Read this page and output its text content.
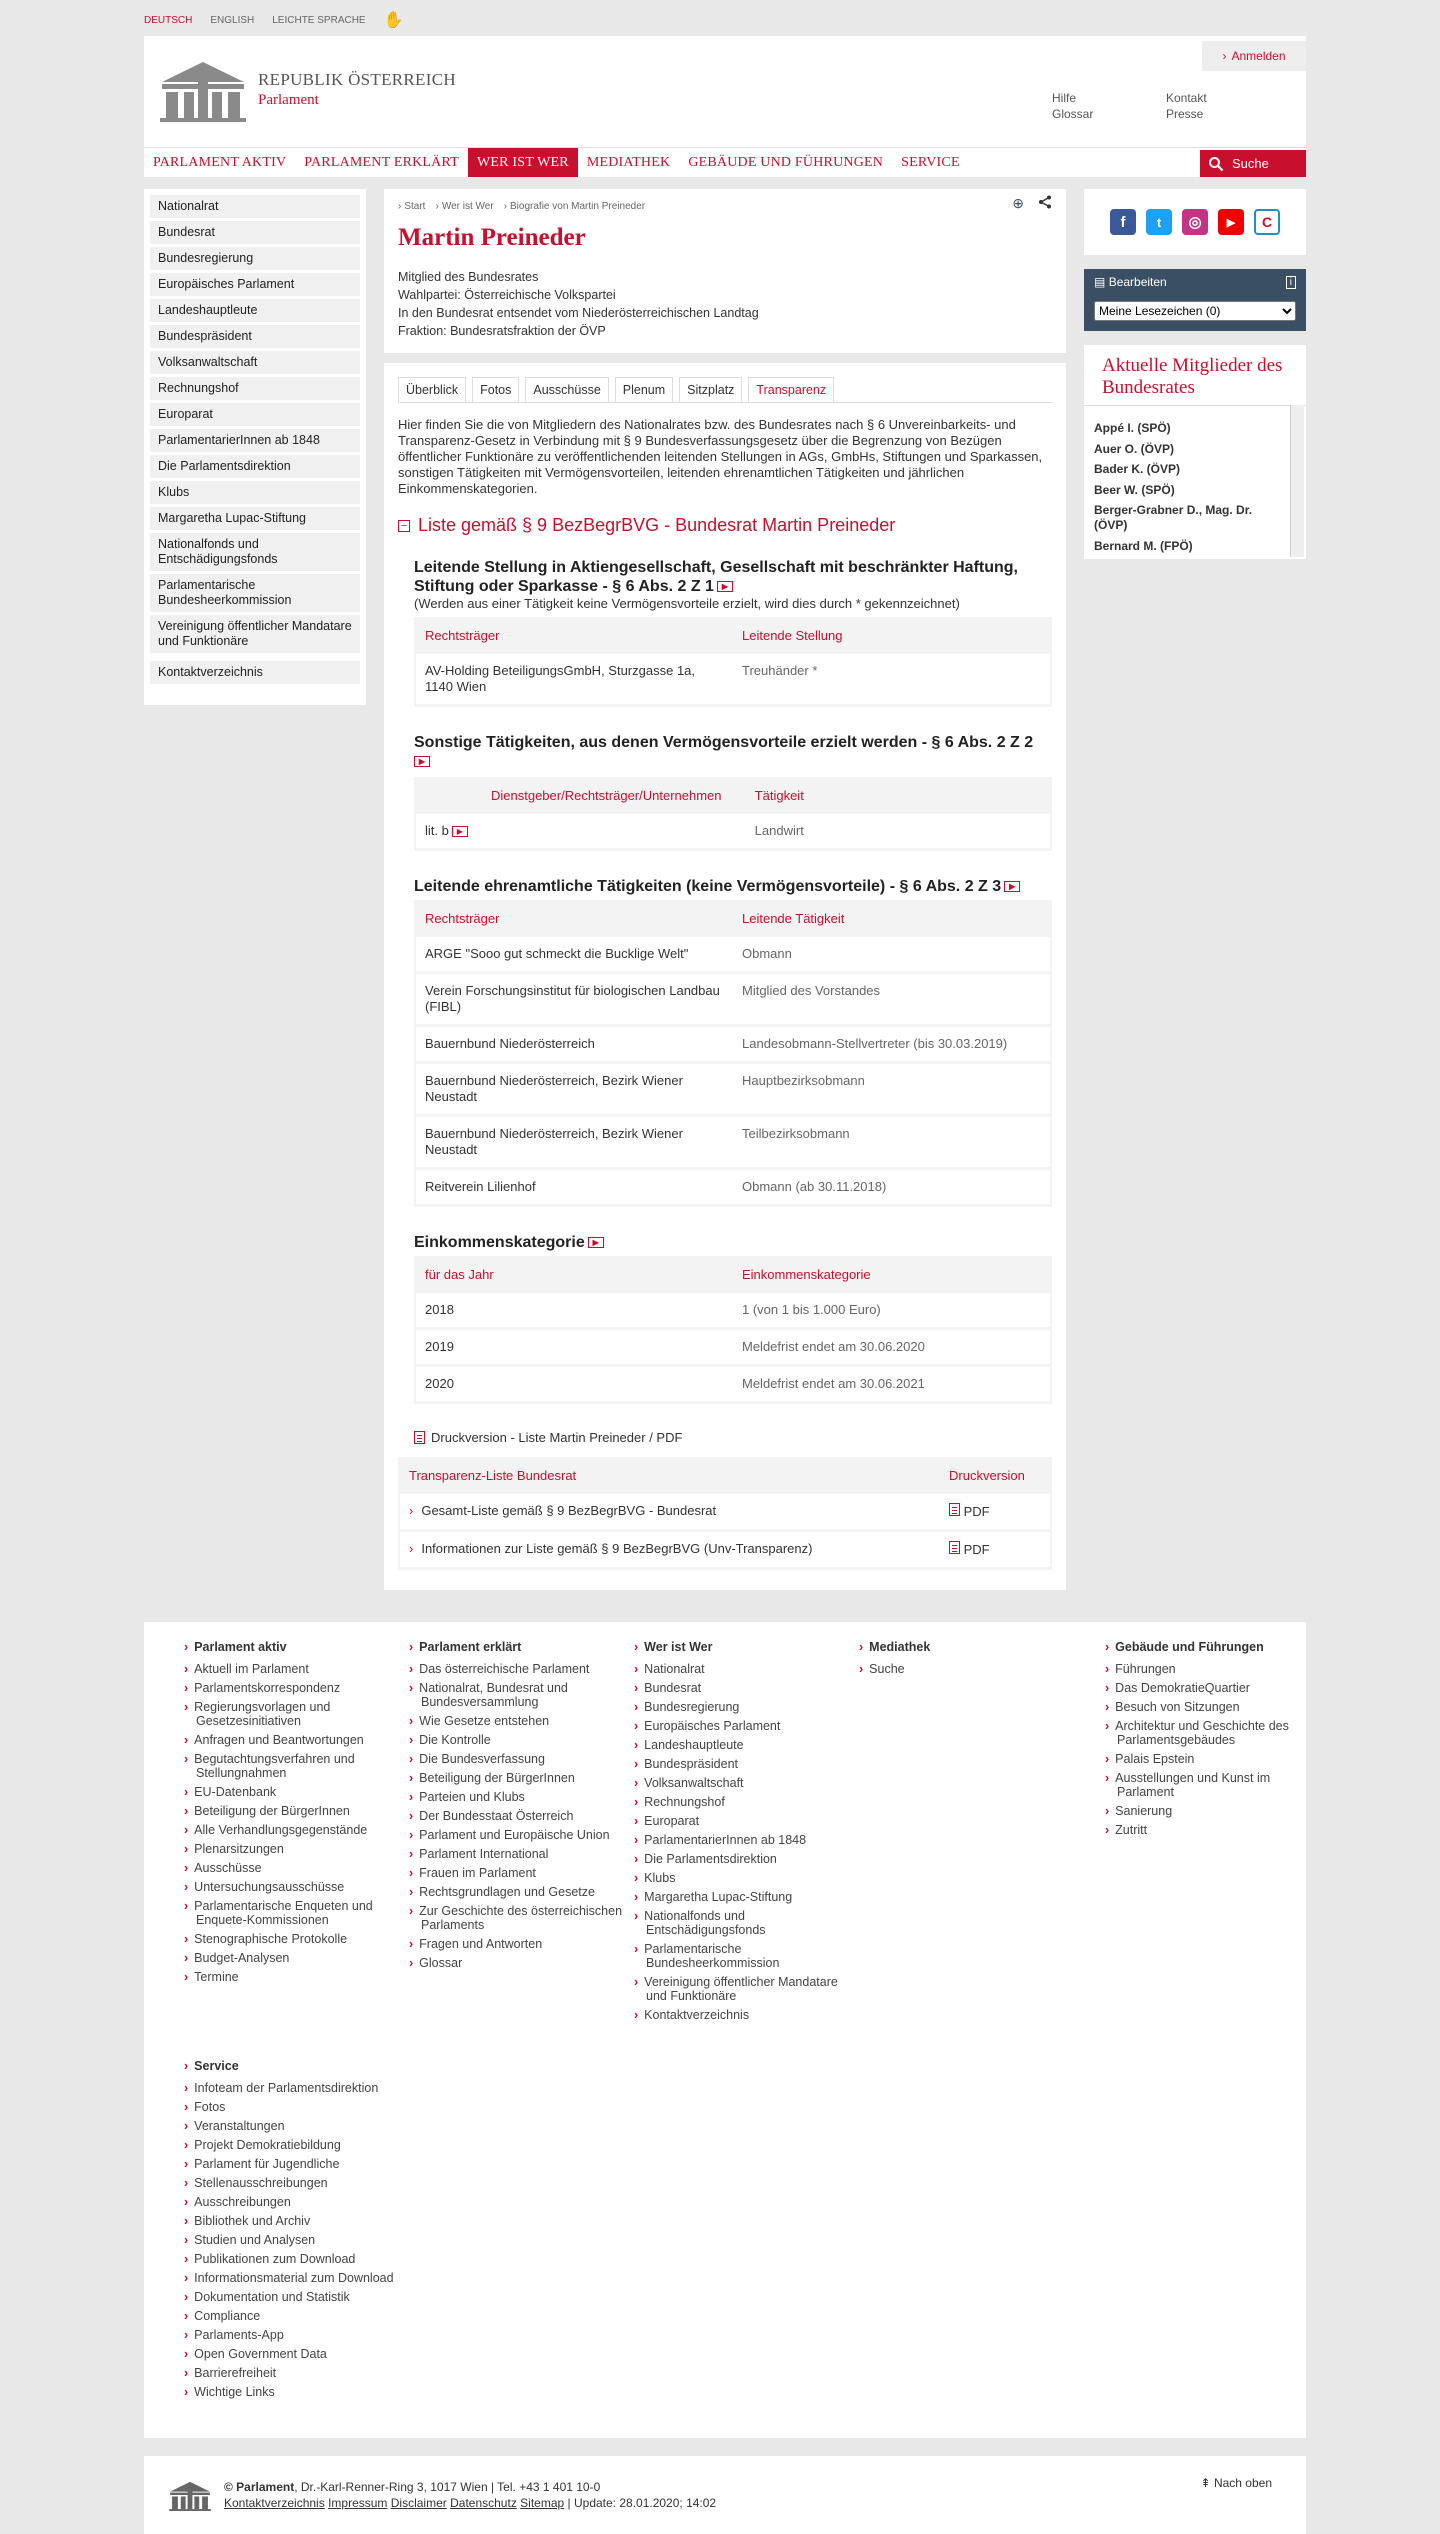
DEUTSCH ENGLISH LEICHTE SPRACHE ✋
REPUBLIK ÖSTERREICH
Parlament
› Anmelden
Hilfe	Kontakt
Glossar	Presse
PARLAMENT AKTIV	PARLAMENT ERKLÄRT	WER IST WER	MEDIATHEK	GEBÄUDE UND FÜHRUNGEN	SERVICE	Suche
Nationalrat
Bundesrat
Bundesregierung
Europäisches Parlament
Landeshauptleute
Bundespräsident
Volksanwaltschaft
Rechnungshof
Europarat
ParlamentarierInnen ab 1848
Die Parlamentsdirektion
Klubs
Margaretha Lupac-Stiftung
Nationalfonds und Entschädigungsfonds
Parlamentarische Bundesheerkommission
Vereinigung öffentlicher Mandatare und Funktionäre
Kontaktverzeichnis
› Start	› Wer ist Wer	› Biografie von Martin Preineder	⊕
Martin Preineder
Mitglied des Bundesrates
Wahlpartei: Österreichische Volkspartei
In den Bundesrat entsendet vom Niederösterreichischen Landtag
Fraktion: Bundesratsfraktion der ÖVP
Überblick	Fotos	Ausschüsse	Plenum	Sitzplatz	Transparenz

Hier finden Sie die von Mitgliedern des Nationalrates bzw. des Bundesrates nach § 6 Unvereinbarkeits- und Transparenz-Gesetz in Verbindung mit § 9 Bundesverfassungsgesetz über die Begrenzung von Bezügen öffentlicher Funktionäre zu veröffentlichenden leitenden Stellungen in AGs, GmbHs, Stiftungen und Sparkassen, sonstigen Tätigkeiten mit Vermögensvorteilen, leitenden ehrenamtlichen Tätigkeiten und jährlichen Einkommenskategorien.

− Liste gemäß § 9 BezBegrBVG - Bundesrat Martin Preineder
Leitende Stellung in Aktiengesellschaft, Gesellschaft mit beschränkter Haftung, Stiftung oder Sparkasse - § 6 Abs. 2 Z 1 ▶︎
(Werden aus einer Tätigkeit keine Vermögensvorteile erzielt, wird dies durch * gekennzeichnet)
Rechtsträger	Leitende Stellung
AV-Holding BeteiligungsGmbH, Sturzgasse 1a, 1140 Wien	Treuhänder *
Sonstige Tätigkeiten, aus denen Vermögensvorteile erzielt werden - § 6 Abs. 2 Z 2
▶︎
Dienstgeber/Rechtsträger/Unternehmen	Tätigkeit
lit. b ▶︎	Landwirt
Leitende ehrenamtliche Tätigkeiten (keine Vermögensvorteile) - § 6 Abs. 2 Z 3 ▶︎
Rechtsträger	Leitende Tätigkeit
ARGE "Sooo gut schmeckt die Bucklige Welt"	Obmann
Verein Forschungsinstitut für biologischen Landbau (FIBL)	Mitglied des Vorstandes
Bauernbund Niederösterreich	Landesobmann-Stellvertreter (bis 30.03.2019)
Bauernbund Niederösterreich, Bezirk Wiener Neustadt	Hauptbezirksobmann
Bauernbund Niederösterreich, Bezirk Wiener Neustadt	Teilbezirksobmann
Reitverein Lilienhof	Obmann (ab 30.11.2018)
Einkommenskategorie ▶︎
für das Jahr	Einkommenskategorie
2018	1 (von 1 bis 1.000 Euro)
2019	Meldefrist endet am 30.06.2020
2020	Meldefrist endet am 30.06.2021
Druckversion - Liste Martin Preineder / PDF
Transparenz-Liste Bundesrat	Druckversion
› Gesamt-Liste gemäß § 9 BezBegrBVG - Bundesrat	PDF
› Informationen zur Liste gemäß § 9 BezBegrBVG (Unv-Transparenz)	PDF
f	t	◎	▶	C
▤ Bearbeiten	i
Meine Lesezeichen (0)
Aktuelle Mitglieder des Bundesrates
Appé I. (SPÖ)
Auer O. (ÖVP)
Bader K. (ÖVP)
Beer W. (SPÖ)
Berger-Grabner D., Mag. Dr. (ÖVP)
Bernard M. (FPÖ)
› Parlament aktiv
› Aktuell im Parlament
› Parlamentskorrespondenz
› Regierungsvorlagen und Gesetzesinitiativen
› Anfragen und Beantwortungen
› Begutachtungsverfahren und Stellungnahmen
› EU-Datenbank
› Beteiligung der BürgerInnen
› Alle Verhandlungsgegenstände
› Plenarsitzungen
› Ausschüsse
› Untersuchungsausschüsse
› Parlamentarische Enqueten und Enquete-Kommissionen
› Stenographische Protokolle
› Budget-Analysen
› Termine
› Parlament erklärt
› Das österreichische Parlament
› Nationalrat, Bundesrat und Bundesversammlung
› Wie Gesetze entstehen
› Die Kontrolle
› Die Bundesverfassung
› Beteiligung der BürgerInnen
› Parteien und Klubs
› Der Bundesstaat Österreich
› Parlament und Europäische Union
› Parlament International
› Frauen im Parlament
› Rechtsgrundlagen und Gesetze
› Zur Geschichte des österreichischen Parlaments
› Fragen und Antworten
› Glossar
› Wer ist Wer
› Nationalrat
› Bundesrat
› Bundesregierung
› Europäisches Parlament
› Landeshauptleute
› Bundespräsident
› Volksanwaltschaft
› Rechnungshof
› Europarat
› ParlamentarierInnen ab 1848
› Die Parlamentsdirektion
› Klubs
› Margaretha Lupac-Stiftung
› Nationalfonds und Entschädigungsfonds
› Parlamentarische Bundesheerkommission
› Vereinigung öffentlicher Mandatare und Funktionäre
› Kontaktverzeichnis
› Mediathek
› Suche
› Gebäude und Führungen
› Führungen
› Das DemokratieQuartier
› Besuch von Sitzungen
› Architektur und Geschichte des Parlamentsgebäudes
› Palais Epstein
› Ausstellungen und Kunst im Parlament
› Sanierung
› Zutritt
› Service
› Infoteam der Parlamentsdirektion
› Fotos
› Veranstaltungen
› Projekt Demokratiebildung
› Parlament für Jugendliche
› Stellenausschreibungen
› Ausschreibungen
› Bibliothek und Archiv
› Studien und Analysen
› Publikationen zum Download
› Informationsmaterial zum Download
› Dokumentation und Statistik
› Compliance
› Parlaments-App
› Open Government Data
› Barrierefreiheit
› Wichtige Links
© Parlament, Dr.-Karl-Renner-Ring 3, 1017 Wien | Tel. +43 1 401 10-0
Kontaktverzeichnis Impressum Disclaimer Datenschutz Sitemap | Update: 28.01.2020; 14:02
⇞ Nach oben
